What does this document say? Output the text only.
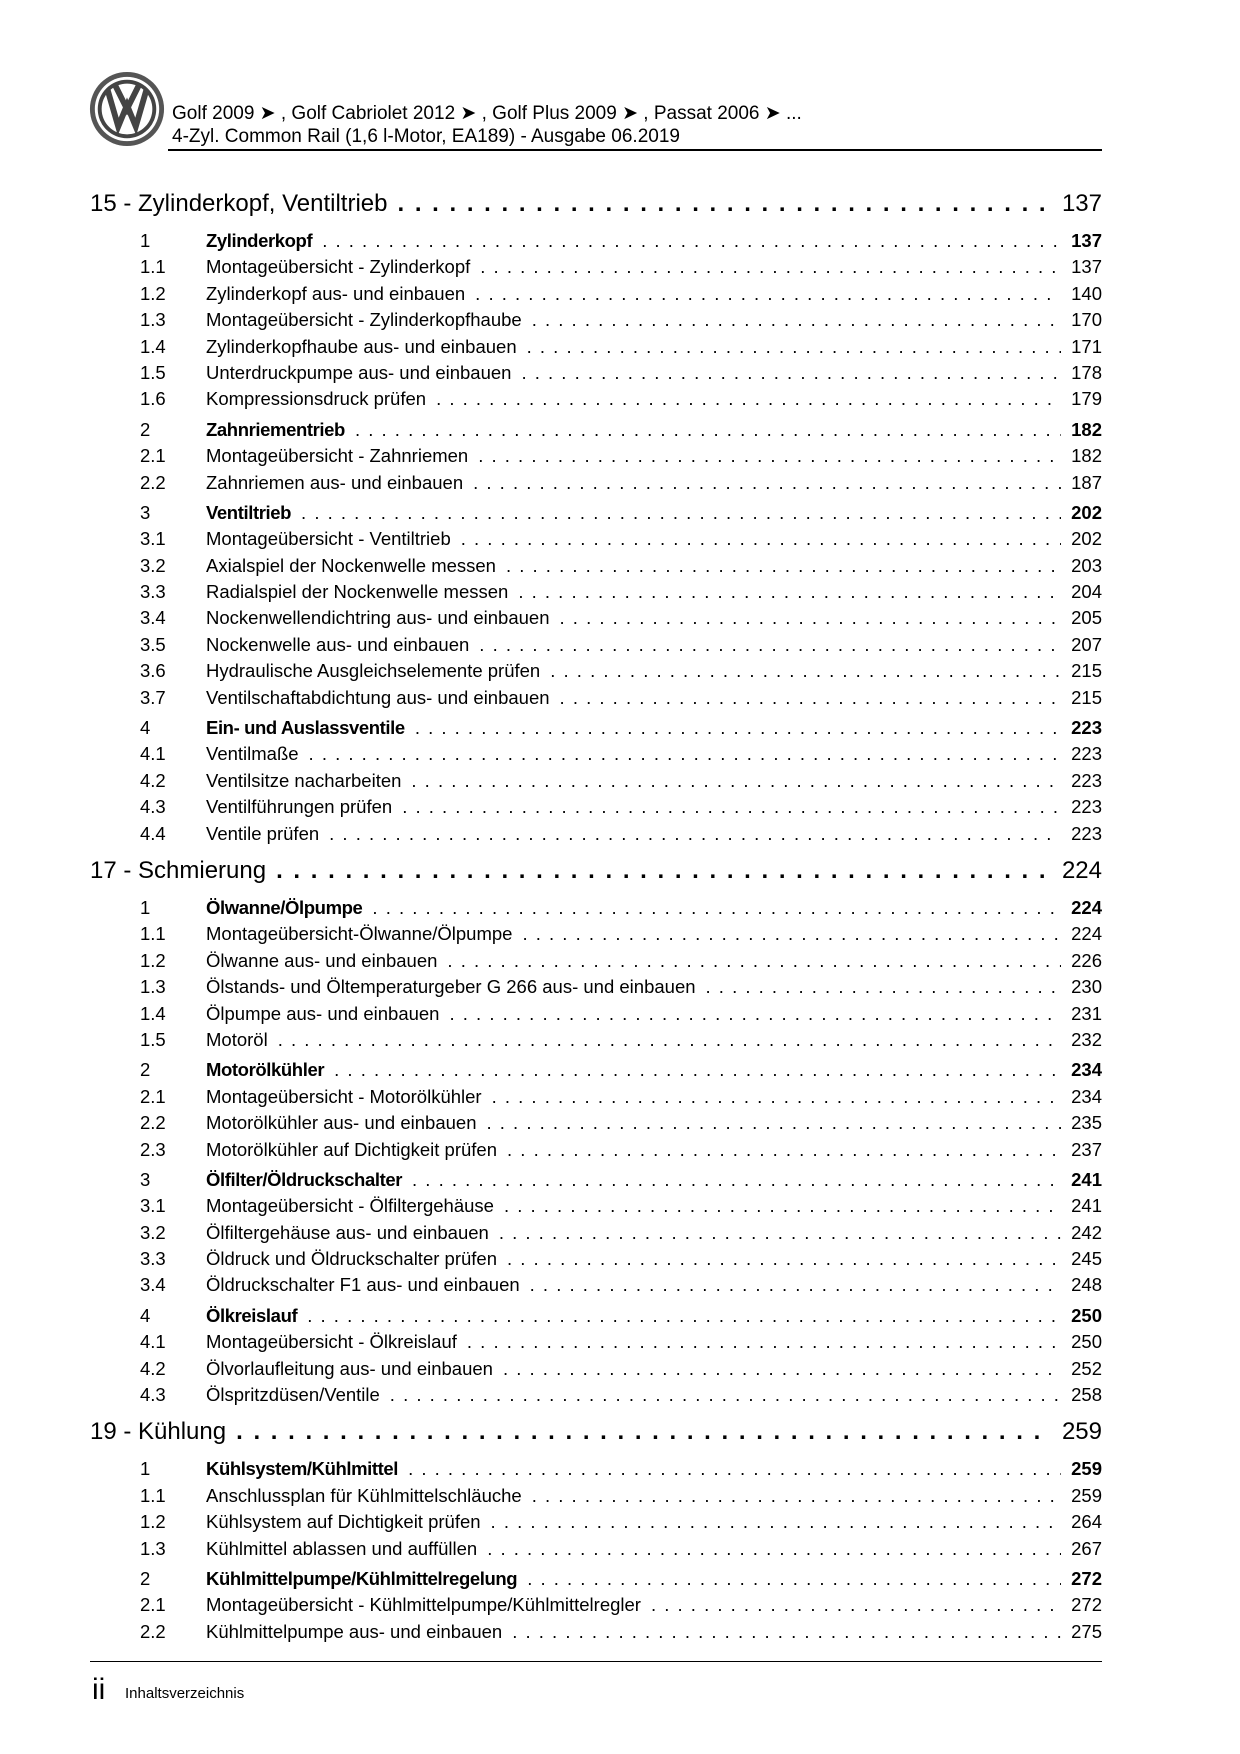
Golf 2009 ➤ , Golf Cabriolet 2012 ➤ , Golf Plus 2009 ➤ , Passat 2006 ➤ ...
4-Zyl. Common Rail (1,6 l-Motor, EA189) - Ausgabe 06.2019
15 - Zylinderkopf, Ventiltrieb . . .	137
1	Zylinderkopf . . .	137
1.1	Montageübersicht - Zylinderkopf . . .	137
1.2	Zylinderkopf aus- und einbauen . . .	140
1.3	Montageübersicht - Zylinderkopfhaube . . .	170
1.4	Zylinderkopfhaube aus- und einbauen . . .	171
1.5	Unterdruckpumpe aus- und einbauen . . .	178
1.6	Kompressionsdruck prüfen . . .	179
2	Zahnriementrieb . . .	182
2.1	Montageübersicht - Zahnriemen . . .	182
2.2	Zahnriemen aus- und einbauen . . .	187
3	Ventiltrieb . . .	202
3.1	Montageübersicht - Ventiltrieb . . .	202
3.2	Axialspiel der Nockenwelle messen . . .	203
3.3	Radialspiel der Nockenwelle messen . . .	204
3.4	Nockenwellendichtring aus- und einbauen . . .	205
3.5	Nockenwelle aus- und einbauen . . .	207
3.6	Hydraulische Ausgleichselemente prüfen . . .	215
3.7	Ventilschaftabdichtung aus- und einbauen . . .	215
4	Ein- und Auslassventile . . .	223
4.1	Ventilmaße . . .	223
4.2	Ventilsitze nacharbeiten . . .	223
4.3	Ventilführungen prüfen . . .	223
4.4	Ventile prüfen . . .	223
17 - Schmierung . . .	224
1	Ölwanne/Ölpumpe . . .	224
1.1	Montageübersicht-Ölwanne/Ölpumpe . . .	224
1.2	Ölwanne aus- und einbauen . . .	226
1.3	Ölstands- und Öltemperaturgeber G 266 aus- und einbauen . . .	230
1.4	Ölpumpe aus- und einbauen . . .	231
1.5	Motoröl . . .	232
2	Motorölkühler . . .	234
2.1	Montageübersicht - Motorölkühler . . .	234
2.2	Motorölkühler aus- und einbauen . . .	235
2.3	Motorölkühler auf Dichtigkeit prüfen . . .	237
3	Ölfilter/Öldruckschalter . . .	241
3.1	Montageübersicht - Ölfiltergehäuse . . .	241
3.2	Ölfiltergehäuse aus- und einbauen . . .	242
3.3	Öldruck und Öldruckschalter prüfen . . .	245
3.4	Öldruckschalter F1 aus- und einbauen . . .	248
4	Ölkreislauf . . .	250
4.1	Montageübersicht - Ölkreislauf . . .	250
4.2	Ölvorlaufleitung aus- und einbauen . . .	252
4.3	Ölspritzdüsen/Ventile . . .	258
19 - Kühlung . . .	259
1	Kühlsystem/Kühlmittel . . .	259
1.1	Anschlussplan für Kühlmittelschläuche . . .	259
1.2	Kühlsystem auf Dichtigkeit prüfen . . .	264
1.3	Kühlmittel ablassen und auffüllen . . .	267
2	Kühlmittelpumpe/Kühlmittelregelung . . .	272
2.1	Montageübersicht - Kühlmittelpumpe/Kühlmittelregler . . .	272
2.2	Kühlmittelpumpe aus- und einbauen . . .	275
ii Inhaltsverzeichnis
